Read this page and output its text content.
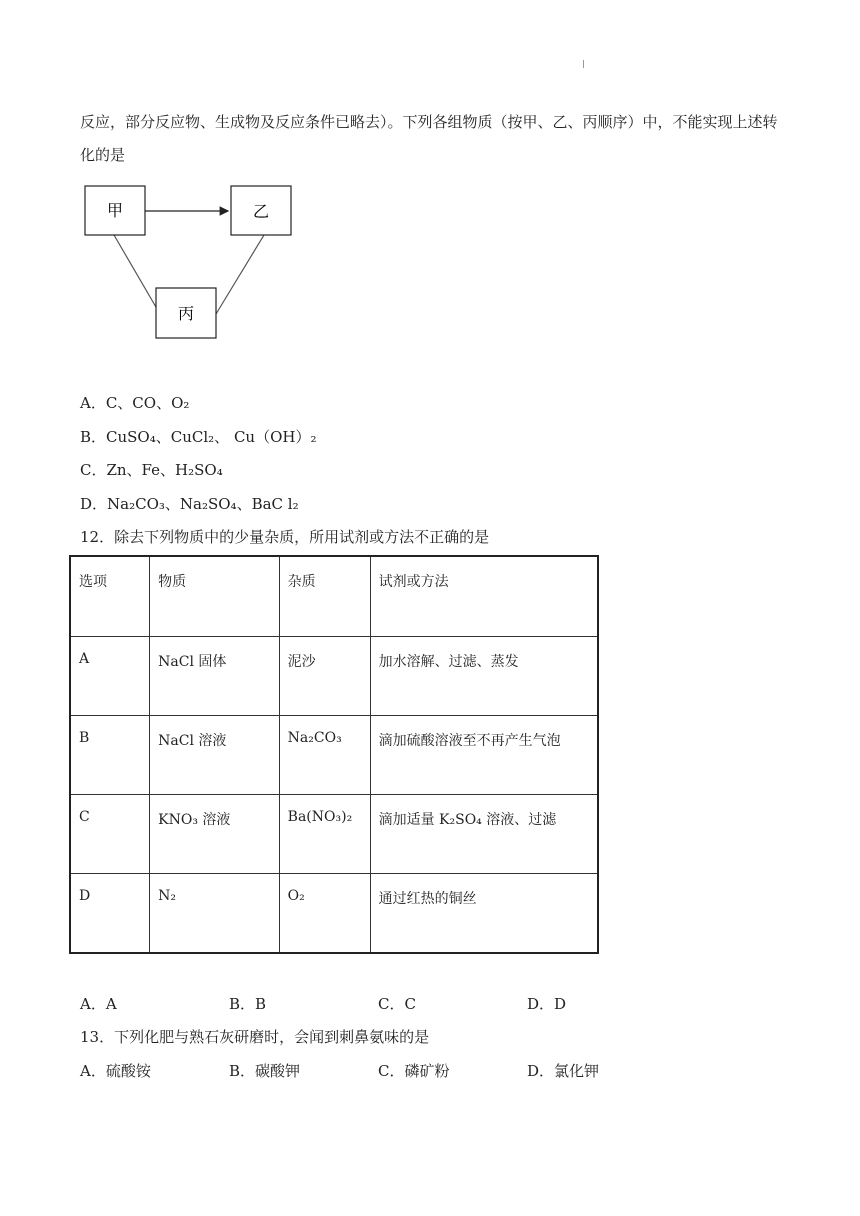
反应，部分反应物、生成物及反应条件已略去）。下列各组物质（按甲、乙、丙顺序）中，不能实现上述转
化的是
甲	乙
丙
A．C、CO、O₂
B．CuSO₄、CuCl₂、 Cu（OH）₂
C．Zn、Fe、H₂SO₄
D．Na₂CO₃、Na₂SO₄、BaC l₂
12．除去下列物质中的少量杂质，所用试剂或方法不正确的是
选项	物质	杂质	试剂或方法
A	NaCl 固体	泥沙	加水溶解、过滤、蒸发
B	NaCl 溶液	Na₂CO₃	滴加硫酸溶液至不再产生气泡
C	KNO₃ 溶液	Ba(NO₃)₂	滴加适量 K₂SO₄ 溶液、过滤
D	N₂	O₂	通过红热的铜丝
A．A	B．B	C．C	D．D
13．下列化肥与熟石灰研磨时，会闻到刺鼻氨味的是
A．硫酸铵	B．碳酸钾	C．磷矿粉	D．氯化钾
